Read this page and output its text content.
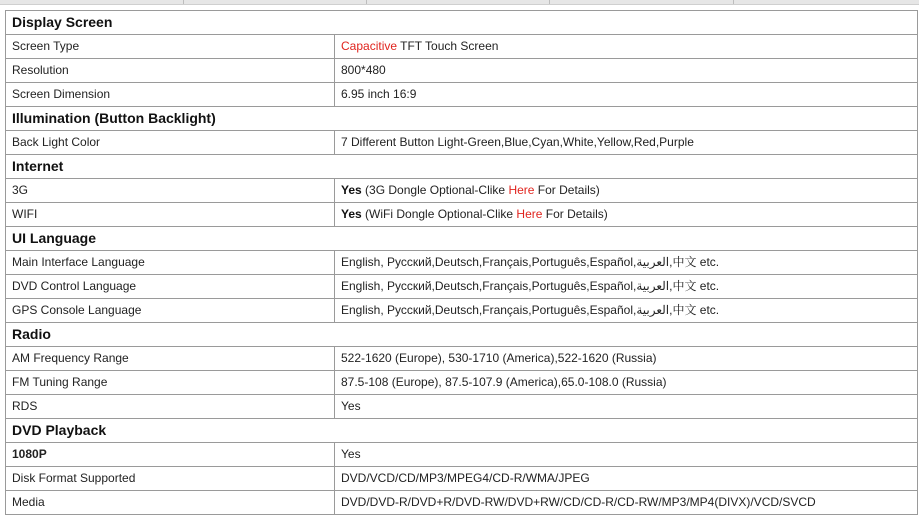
Display Screen	
Screen Type	Capacitive TFT Touch Screen
Resolution	800*480
Screen Dimension	6.95 inch 16:9
Illumination (Button Backlight)	
Back Light Color	7 Different Button Light-Green,Blue,Cyan,White,Yellow,Red,Purple
Internet	
3G	Yes (3G Dongle Optional-Clike Here For Details)
WIFI	Yes (WiFi Dongle Optional-Clike Here For Details)
UI Language	
Main Interface Language	English, Русский,Deutsch,Français,Português,Español,العربية,中文 etc.
DVD Control Language	English, Русский,Deutsch,Français,Português,Español,العربية,中文 etc.
GPS Console Language	English, Русский,Deutsch,Français,Português,Español,العربية,中文 etc.
Radio	
AM Frequency Range	522-1620 (Europe), 530-1710 (America),522-1620 (Russia)
FM Tuning Range	87.5-108 (Europe), 87.5-107.9 (America),65.0-108.0 (Russia)
RDS	Yes
DVD Playback	
1080P	Yes
Disk Format Supported	DVD/VCD/CD/MP3/MPEG4/CD-R/WMA/JPEG
Media	DVD/DVD-R/DVD+R/DVD-RW/DVD+RW/CD/CD-R/CD-RW/MP3/MP4(DIVX)/VCD/SVCD
